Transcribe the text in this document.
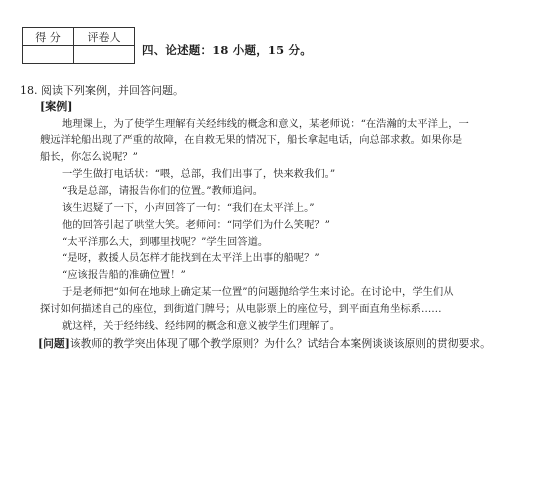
得 分	评卷人

四、论述题：18 小题，15 分。
18. 阅读下列案例，并回答问题。
[案例]
地理课上，为了使学生理解有关经纬线的概念和意义，某老师说：“在浩瀚的太平洋上，一
艘远洋轮船出现了严重的故障，在自救无果的情况下，船长拿起电话，向总部求救。如果你是
船长，你怎么说呢？”
一学生做打电话状：“喂，总部，我们出事了，快来救我们。”
“我是总部，请报告你们的位置。”教师追问。
该生迟疑了一下，小声回答了一句：“我们在太平洋上。”
他的回答引起了哄堂大笑。老师问：“同学们为什么笑呢？”
“太平洋那么大，到哪里找呢？”学生回答道。
“是呀，救援人员怎样才能找到在太平洋上出事的船呢？”
“应该报告船的准确位置！”
于是老师把“如何在地球上确定某一位置”的问题抛给学生来讨论。在讨论中，学生们从
探讨如何描述自己的座位，到街道门牌号；从电影票上的座位号，到平面直角坐标系……
就这样，关于经纬线、经纬网的概念和意义被学生们理解了。
[问题]该教师的教学突出体现了哪个教学原则？为什么？试结合本案例谈谈该原则的贯彻要求。
